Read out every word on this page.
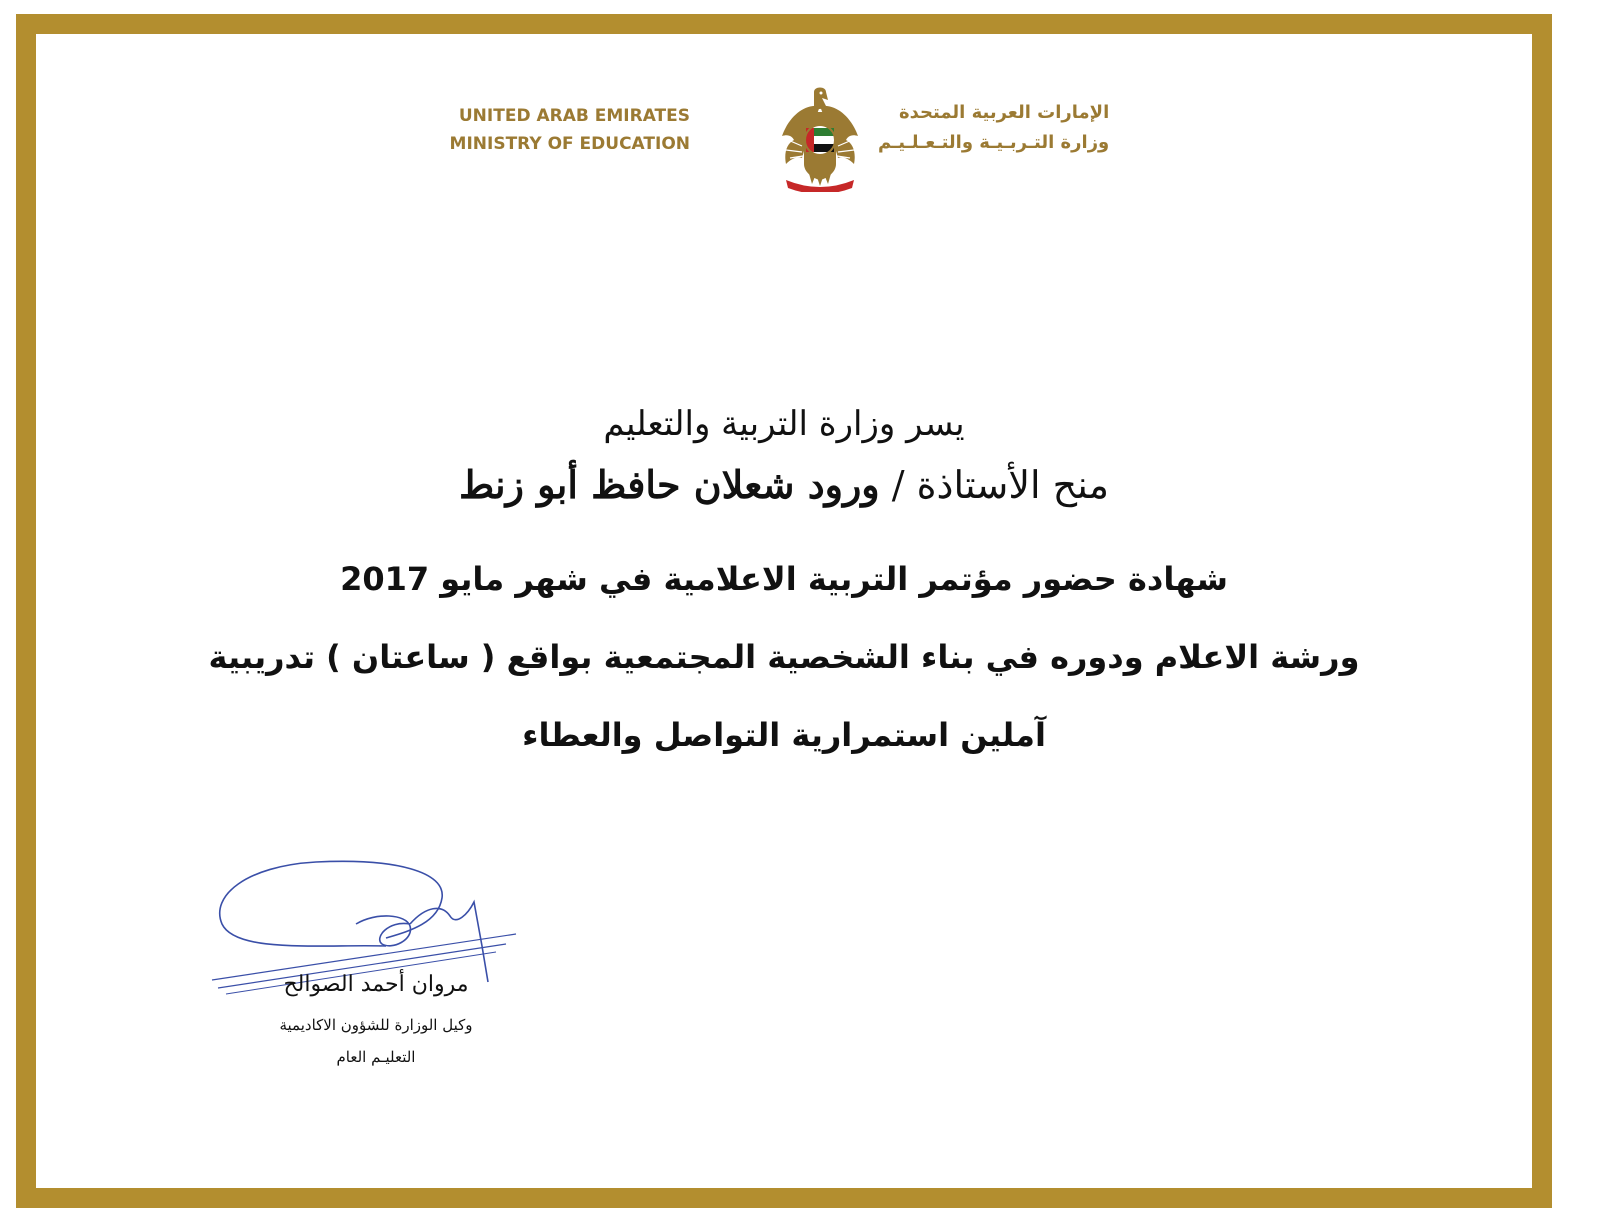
UNITED ARAB EMIRATES
MINISTRY OF EDUCATION
الإمارات العربية المتحدة
وزارة التـربـيـة والتـعـلـيـم
يسر وزارة التربية والتعليم
منح الأستاذة / ورود شعلان حافظ أبو زنط
شهادة حضور مؤتمر التربية الاعلامية في شهر مايو 2017
ورشة الاعلام ودوره في بناء الشخصية المجتمعية بواقع ( ساعتان ) تدريبية
آملين استمرارية التواصل والعطاء
مروان أحمد الصوالح
وكيل الوزارة للشؤون الاكاديمية
التعليـم العام
